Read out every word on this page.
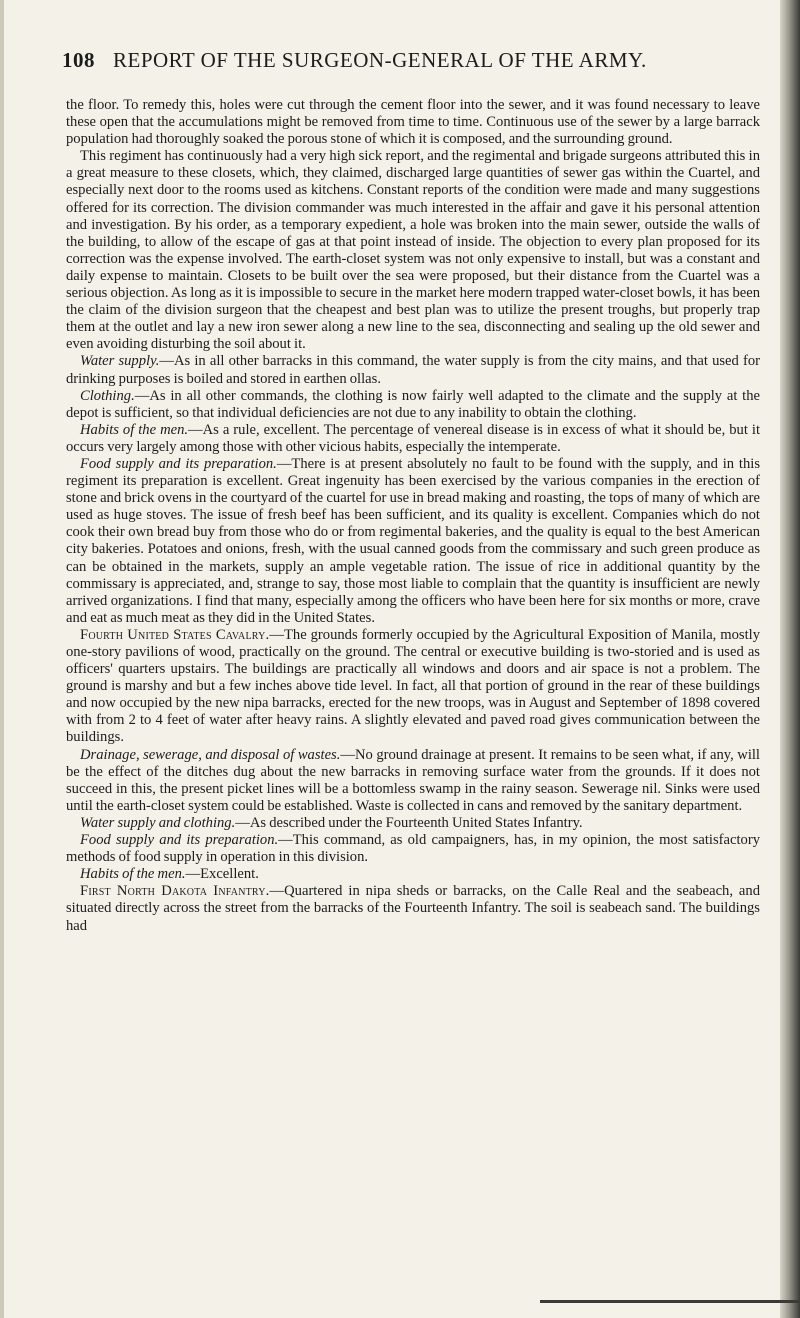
108 REPORT OF THE SURGEON-GENERAL OF THE ARMY.

the floor. To remedy this, holes were cut through the cement floor into the sewer, and it was found necessary to leave these open that the accumulations might be removed from time to time. Continuous use of the sewer by a large barrack population had thoroughly soaked the porous stone of which it is composed, and the surrounding ground.

This regiment has continuously had a very high sick report, and the regimental and brigade surgeons attributed this in a great measure to these closets, which, they claimed, discharged large quantities of sewer gas within the Cuartel, and especially next door to the rooms used as kitchens. Constant reports of the condition were made and many suggestions offered for its correction. The division commander was much interested in the affair and gave it his personal attention and investigation. By his order, as a temporary expedient, a hole was broken into the main sewer, outside the walls of the building, to allow of the escape of gas at that point instead of inside. The objection to every plan proposed for its correction was the expense involved. The earth-closet system was not only expensive to install, but was a constant and daily expense to maintain. Closets to be built over the sea were proposed, but their distance from the Cuartel was a serious objection. As long as it is impossible to secure in the market here modern trapped water-closet bowls, it has been the claim of the division surgeon that the cheapest and best plan was to utilize the present troughs, but properly trap them at the outlet and lay a new iron sewer along a new line to the sea, disconnecting and sealing up the old sewer and even avoiding disturbing the soil about it.

Water supply.—As in all other barracks in this command, the water supply is from the city mains, and that used for drinking purposes is boiled and stored in earthen ollas.

Clothing.—As in all other commands, the clothing is now fairly well adapted to the climate and the supply at the depot is sufficient, so that individual deficiencies are not due to any inability to obtain the clothing.

Habits of the men.—As a rule, excellent. The percentage of venereal disease is in excess of what it should be, but it occurs very largely among those with other vicious habits, especially the intemperate.

Food supply and its preparation.—There is at present absolutely no fault to be found with the supply, and in this regiment its preparation is excellent. Great ingenuity has been exercised by the various companies in the erection of stone and brick ovens in the courtyard of the cuartel for use in bread making and roasting, the tops of many of which are used as huge stoves. The issue of fresh beef has been sufficient, and its quality is excellent. Companies which do not cook their own bread buy from those who do or from regimental bakeries, and the quality is equal to the best American city bakeries. Potatoes and onions, fresh, with the usual canned goods from the commissary and such green produce as can be obtained in the markets, supply an ample vegetable ration. The issue of rice in additional quantity by the commissary is appreciated, and, strange to say, those most liable to complain that the quantity is insufficient are newly arrived organizations. I find that many, especially among the officers who have been here for six months or more, crave and eat as much meat as they did in the United States.

Fourth United States Cavalry.—The grounds formerly occupied by the Agricultural Exposition of Manila, mostly one-story pavilions of wood, practically on the ground. The central or executive building is two-storied and is used as officers' quarters upstairs. The buildings are practically all windows and doors and air space is not a problem. The ground is marshy and but a few inches above tide level. In fact, all that portion of ground in the rear of these buildings and now occupied by the new nipa barracks, erected for the new troops, was in August and September of 1898 covered with from 2 to 4 feet of water after heavy rains. A slightly elevated and paved road gives communication between the buildings.

Drainage, sewerage, and disposal of wastes.—No ground drainage at present. It remains to be seen what, if any, will be the effect of the ditches dug about the new barracks in removing surface water from the grounds. If it does not succeed in this, the present picket lines will be a bottomless swamp in the rainy season. Sewerage nil. Sinks were used until the earth-closet system could be established. Waste is collected in cans and removed by the sanitary department.

Water supply and clothing.—As described under the Fourteenth United States Infantry.

Food supply and its preparation.—This command, as old campaigners, has, in my opinion, the most satisfactory methods of food supply in operation in this division.

Habits of the men.—Excellent.

First North Dakota Infantry.—Quartered in nipa sheds or barracks, on the Calle Real and the seabeach, and situated directly across the street from the barracks of the Fourteenth Infantry. The soil is seabeach sand. The buildings had
